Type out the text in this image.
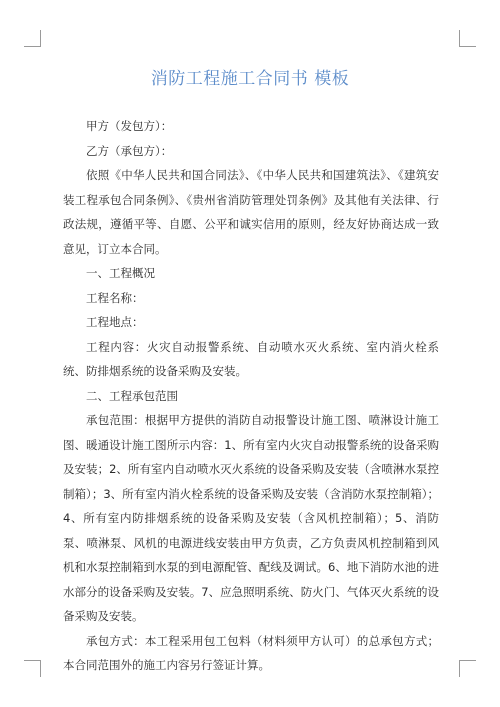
消防工程施工合同书 模板

甲方（发包方）：

乙方（承包方）：

依照《中华人民共和国合同法》、《中华人民共和国建筑法》、《建筑安装工程承包合同条例》、《贵州省消防管理处罚条例》及其他有关法律、行政法规，遵循平等、自愿、公平和诚实信用的原则，经友好协商达成一致意见，订立本合同。

一、工程概况

工程名称：

工程地点：

工程内容：火灾自动报警系统、自动喷水灭火系统、室内消火栓系统、防排烟系统的设备采购及安装。

二、工程承包范围

承包范围：根据甲方提供的消防自动报警设计施工图、喷淋设计施工图、暖通设计施工图所示内容：1、所有室内火灾自动报警系统的设备采购及安装；2、所有室内自动喷水灭火系统的设备采购及安装（含喷淋水泵控制箱）；3、所有室内消火栓系统的设备采购及安装（含消防水泵控制箱）；4、所有室内防排烟系统的设备采购及安装（含风机控制箱）；5、消防泵、喷淋泵、风机的电源进线安装由甲方负责，乙方负责风机控制箱到风机和水泵控制箱到水泵的到电源配管、配线及调试。6、地下消防水池的进水部分的设备采购及安装。7、应急照明系统、防火门、气体灭火系统的设备采购及安装。

承包方式：本工程采用包工包料（材料须甲方认可）的总承包方式；本合同范围外的施工内容另行签证计算。
